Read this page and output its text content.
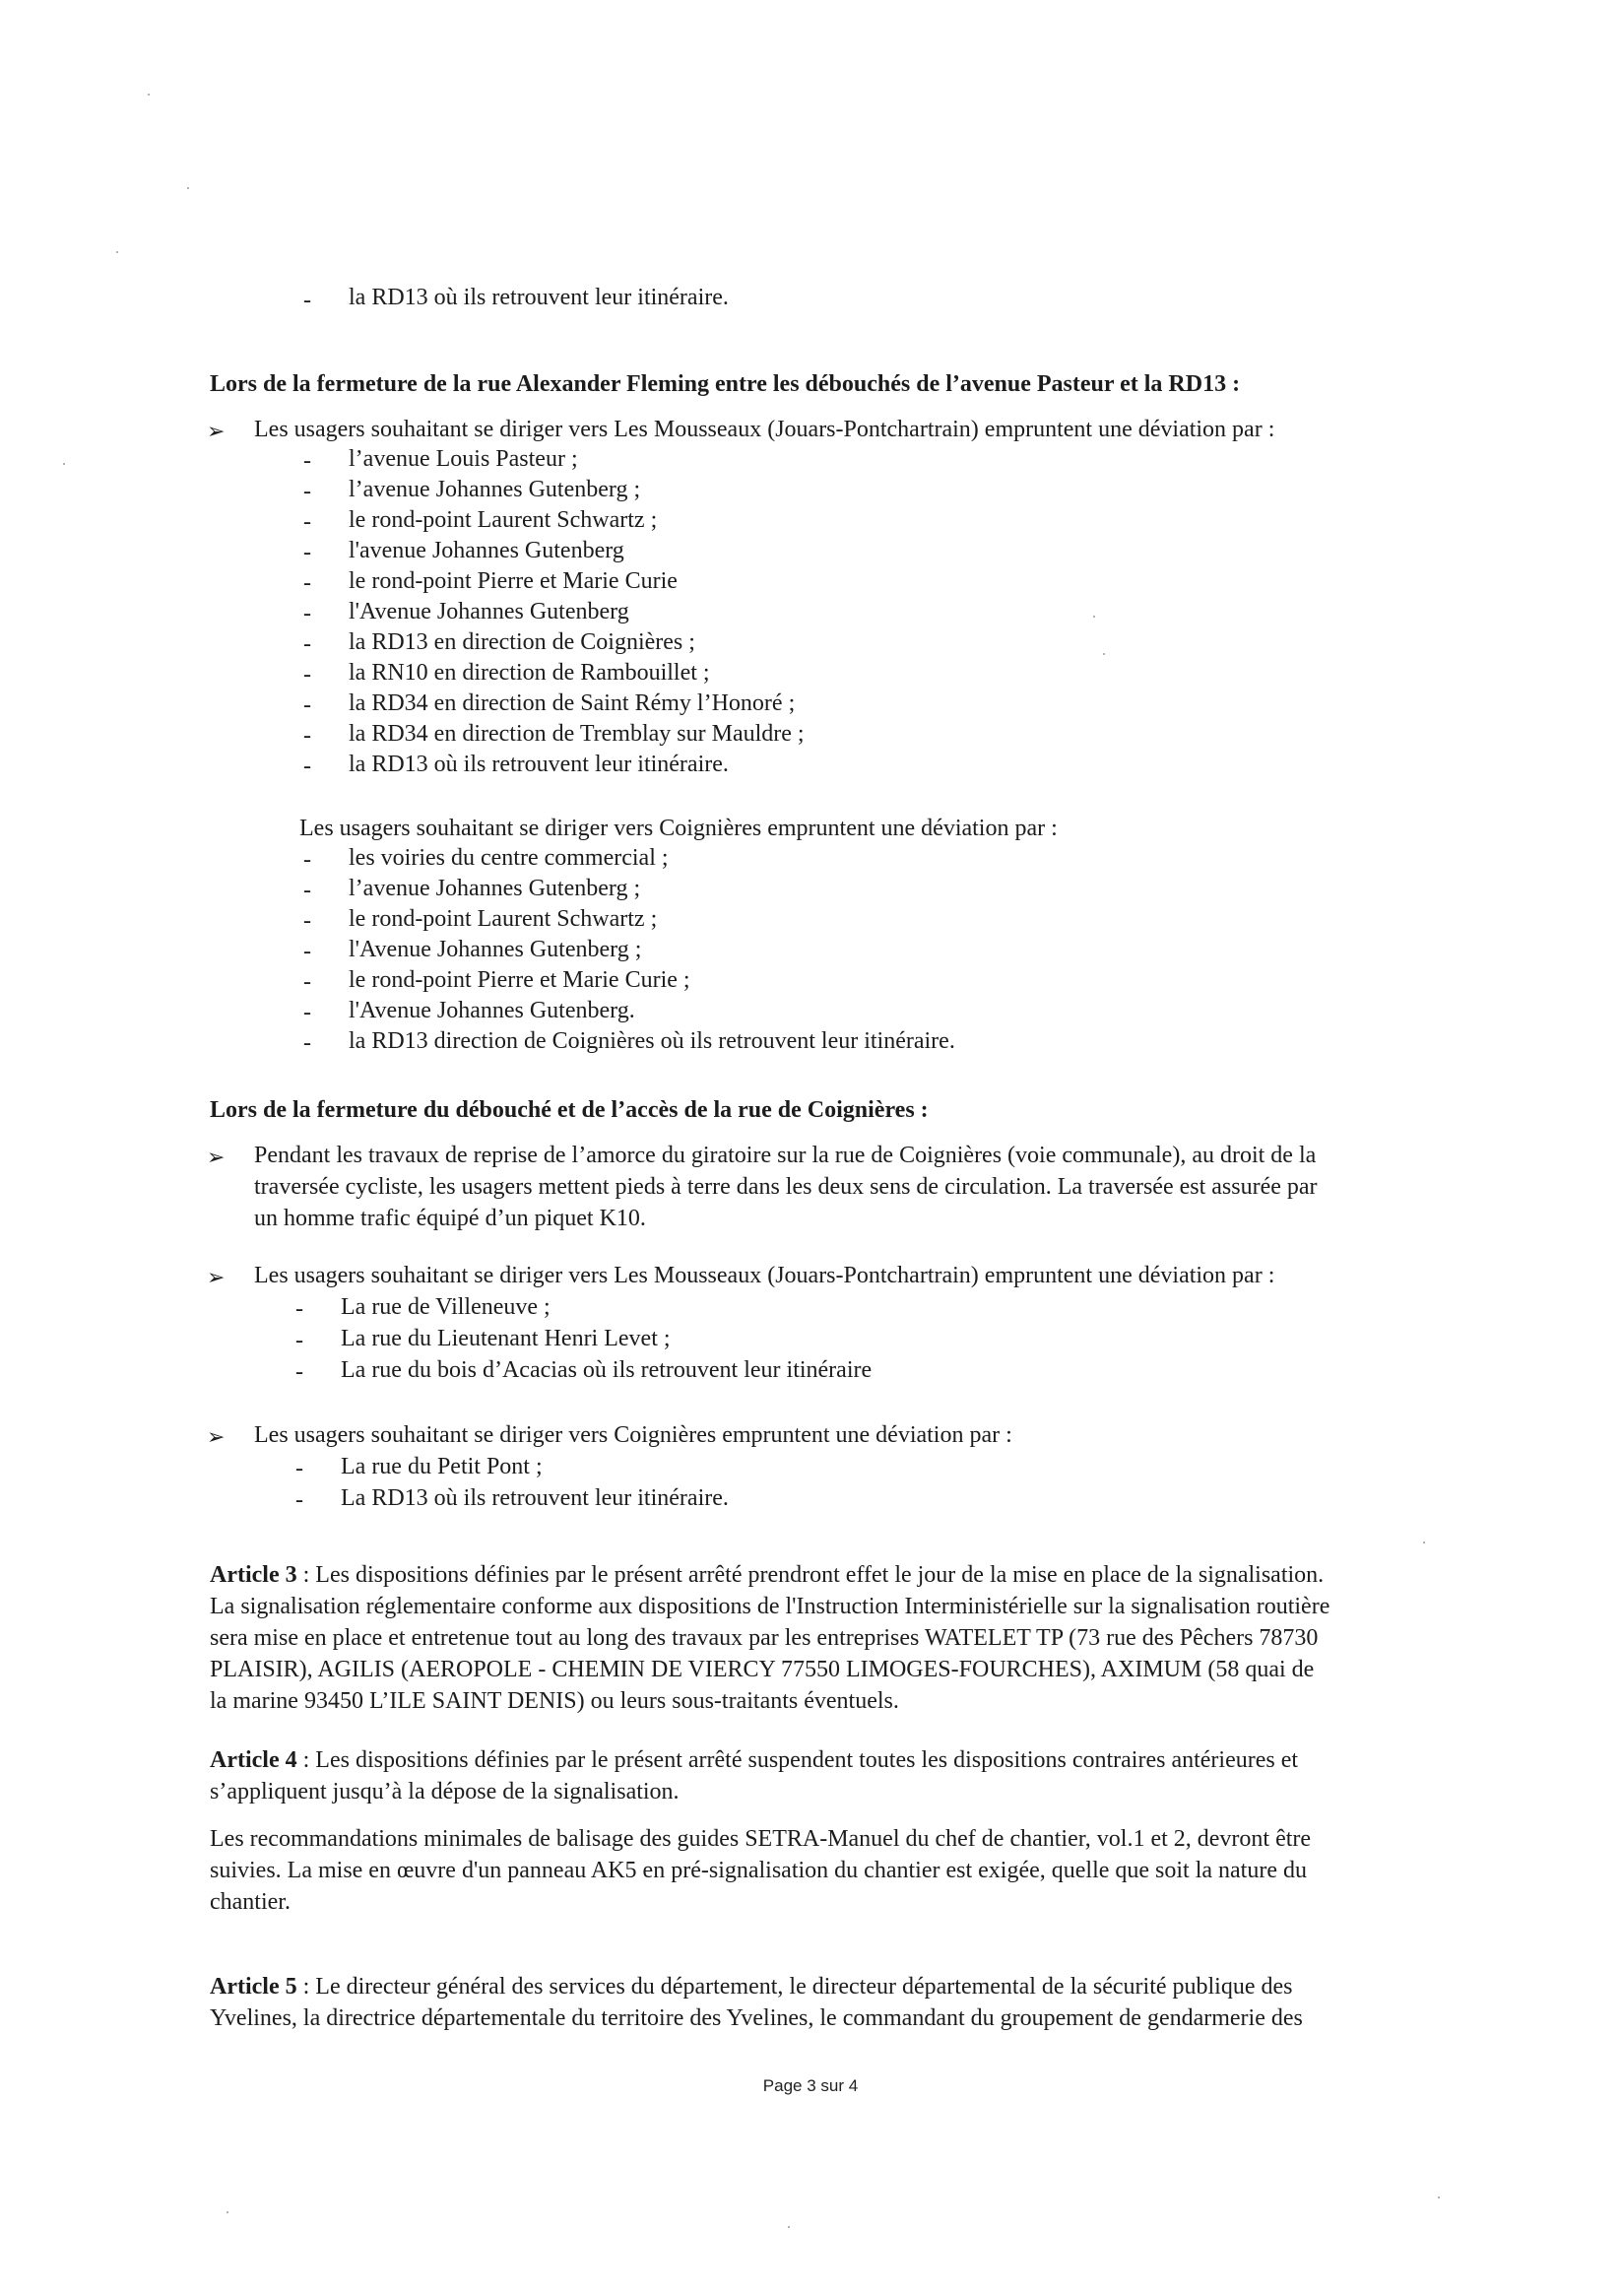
- la RD13 où ils retrouvent leur itinéraire.
Lors de la fermeture de la rue Alexander Fleming entre les débouchés de l’avenue Pasteur et la RD13 :
➢ Les usagers souhaitant se diriger vers Les Mousseaux (Jouars-Pontchartrain) empruntent une déviation par :
- l’avenue Louis Pasteur ;
- l’avenue Johannes Gutenberg ;
- le rond-point Laurent Schwartz ;
- l'avenue Johannes Gutenberg
- le rond-point Pierre et Marie Curie
- l'Avenue Johannes Gutenberg
- la RD13 en direction de Coignières ;
- la RN10 en direction de Rambouillet ;
- la RD34 en direction de Saint Rémy l’Honoré ;
- la RD34 en direction de Tremblay sur Mauldre ;
- la RD13 où ils retrouvent leur itinéraire.
Les usagers souhaitant se diriger vers Coignières empruntent une déviation par :
- les voiries du centre commercial ;
- l’avenue Johannes Gutenberg ;
- le rond-point Laurent Schwartz ;
- l'Avenue Johannes Gutenberg ;
- le rond-point Pierre et Marie Curie ;
- l'Avenue Johannes Gutenberg.
- la RD13 direction de Coignières où ils retrouvent leur itinéraire.
Lors de la fermeture du débouché et de l’accès de la rue de Coignières :
➢ Pendant les travaux de reprise de l’amorce du giratoire sur la rue de Coignières (voie communale), au droit de la
traversée cycliste, les usagers mettent pieds à terre dans les deux sens de circulation. La traversée est assurée par
un homme trafic équipé d’un piquet K10.
➢ Les usagers souhaitant se diriger vers Les Mousseaux (Jouars-Pontchartrain) empruntent une déviation par :
- La rue de Villeneuve ;
- La rue du Lieutenant Henri Levet ;
- La rue du bois d’Acacias où ils retrouvent leur itinéraire
➢ Les usagers souhaitant se diriger vers Coignières empruntent une déviation par :
- La rue du Petit Pont ;
- La RD13 où ils retrouvent leur itinéraire.
Article 3 : Les dispositions définies par le présent arrêté prendront effet le jour de la mise en place de la signalisation.
La signalisation réglementaire conforme aux dispositions de l'Instruction Interministérielle sur la signalisation routière
sera mise en place et entretenue tout au long des travaux par les entreprises WATELET TP (73 rue des Pêchers 78730
PLAISIR), AGILIS (AEROPOLE - CHEMIN DE VIERCY 77550 LIMOGES-FOURCHES), AXIMUM (58 quai de
la marine 93450 L’ILE SAINT DENIS) ou leurs sous-traitants éventuels.
Article 4 : Les dispositions définies par le présent arrêté suspendent toutes les dispositions contraires antérieures et
s’appliquent jusqu’à la dépose de la signalisation.
Les recommandations minimales de balisage des guides SETRA-Manuel du chef de chantier, vol.1 et 2, devront être
suivies. La mise en œuvre d'un panneau AK5 en pré-signalisation du chantier est exigée, quelle que soit la nature du
chantier.
Article 5 : Le directeur général des services du département, le directeur départemental de la sécurité publique des
Yvelines, la directrice départementale du territoire des Yvelines, le commandant du groupement de gendarmerie des
Page 3 sur 4
